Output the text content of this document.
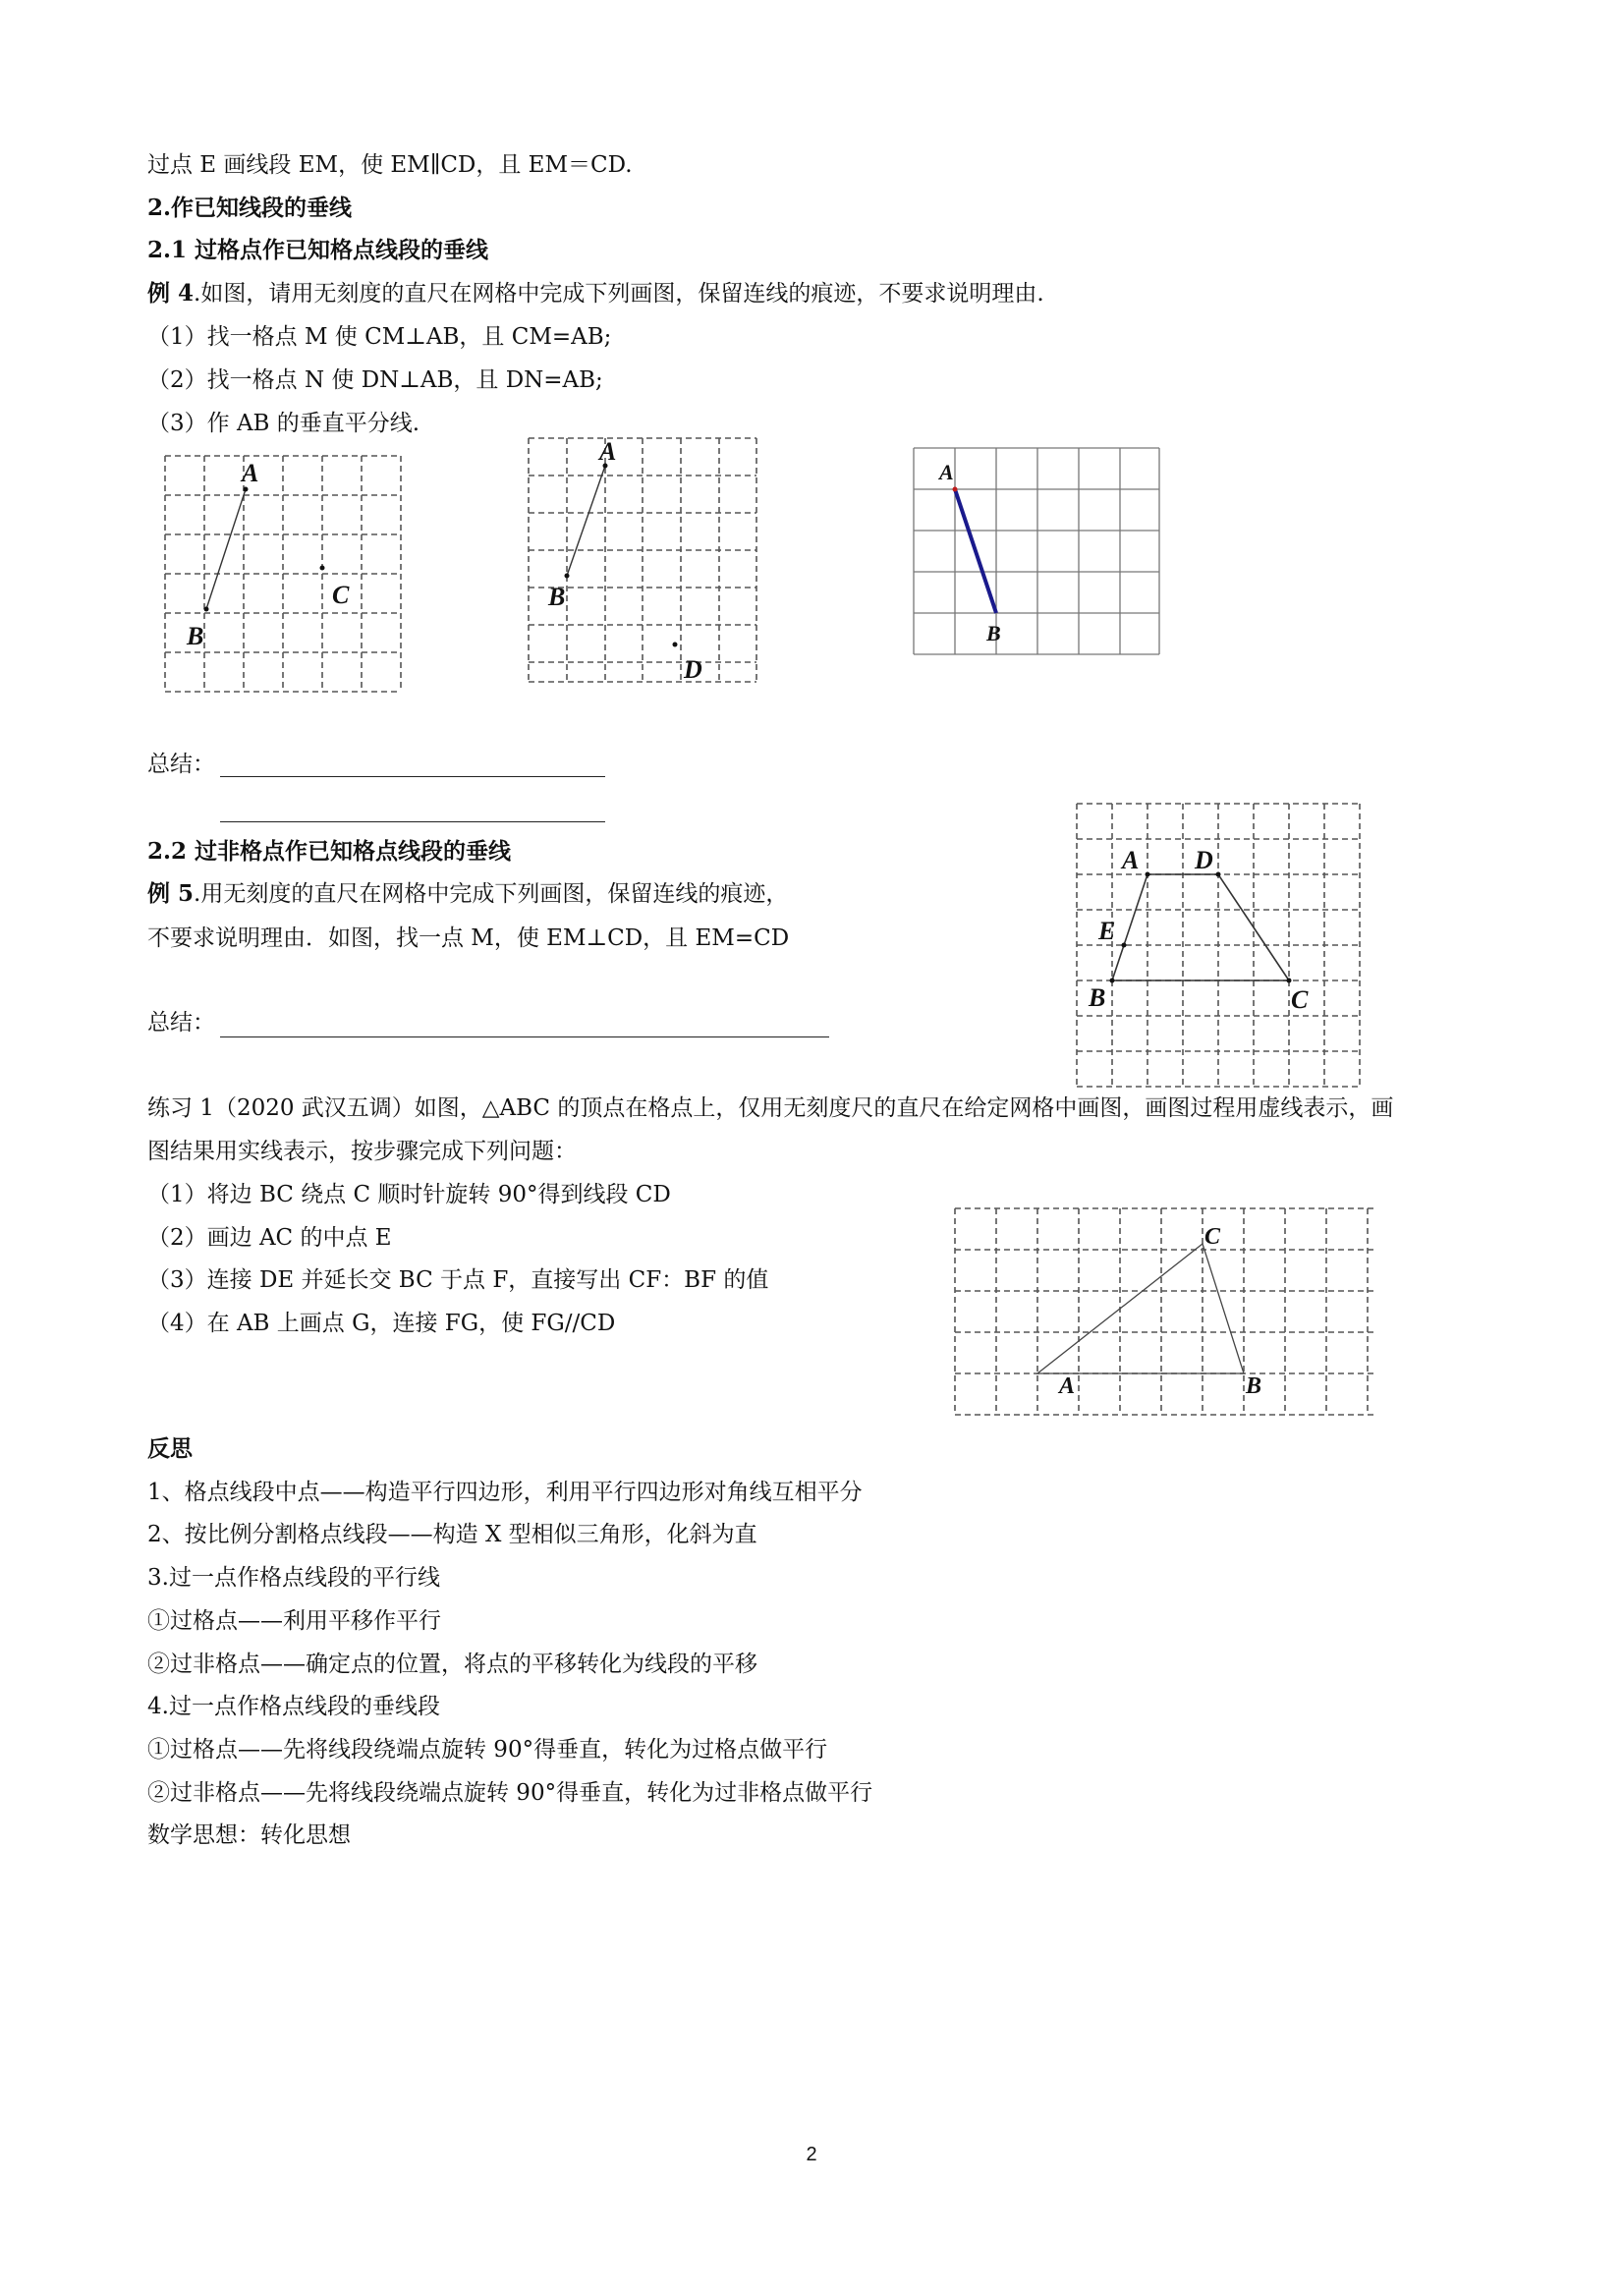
过点 E 画线段 EM，使 EM∥CD，且 EM＝CD.
2.作已知线段的垂线
2.1 过格点作已知格点线段的垂线
例 4.如图，请用无刻度的直尺在网格中完成下列画图，保留连线的痕迹，不要求说明理由.
（1）找一格点 M 使 CM⊥AB，且 CM=AB;
（2）找一格点 N 使 DN⊥AB，且 DN=AB;
（3）作 AB 的垂直平分线.
A
B
C
A
B
D
A
B
总结：
2.2 过非格点作已知格点线段的垂线
例 5.用无刻度的直尺在网格中完成下列画图，保留连线的痕迹，
不要求说明理由．如图，找一点 M，使 EM⊥CD，且 EM=CD
总结：
A D
E
B	C
练习 1（2020 武汉五调）如图，△ABC 的顶点在格点上，仅用无刻度尺的直尺在给定网格中画图，画图过程用虚线表示，画
图结果用实线表示，按步骤完成下列问题：
（1）将边 BC 绕点 C 顺时针旋转 90°得到线段 CD
（2）画边 AC 的中点 E
（3）连接 DE 并延长交 BC 于点 F，直接写出 CF：BF 的值
（4）在 AB 上画点 G，连接 FG，使 FG//CD
C
A	B
反思
1、格点线段中点——构造平行四边形，利用平行四边形对角线互相平分
2、按比例分割格点线段——构造 X 型相似三角形，化斜为直
3.过一点作格点线段的平行线
①过格点——利用平移作平行
②过非格点——确定点的位置，将点的平移转化为线段的平移
4.过一点作格点线段的垂线段
①过格点——先将线段绕端点旋转 90°得垂直，转化为过格点做平行
②过非格点——先将线段绕端点旋转 90°得垂直，转化为过非格点做平行
数学思想：转化思想
2
